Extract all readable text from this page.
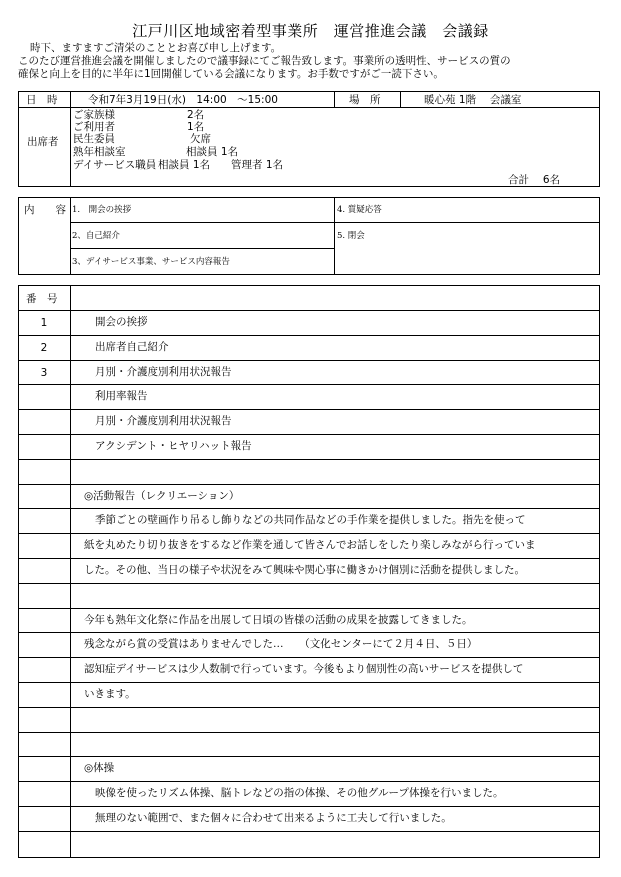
江戸川区地域密着型事業所　運営推進会議　会議録
時下、ますますご清栄のこととお喜び申し上げます。
このたび運営推進会議を開催しましたので議事録にてご報告致します。事業所の透明性、サービスの質の
確保と向上を目的に半年に1回開催している会議になります。お手数ですがご一読下さい。
日　時	令和7年3月19日(水)　14:00　～15:00	場　所	暖心苑 1階　 会議室
出席者
ご家族様	2名
ご利用者	1名
民生委員	欠席
熟年相談室	相談員 1名
デイサービス職員 相談員 1名　　管理者 1名
合計　 6名
内　　容 1.　開会の挨拶
2、自己紹介
3、デイサービス事業、サービス内容報告
4. 質疑応答
5. 閉会
番　号
1	開会の挨拶
2	出席者自己紹介
3	月別・介護度別利用状況報告
利用率報告
月別・介護度別利用状況報告
アクシデント・ヒヤリハット報告
◎活動報告（レクリエーション）
季節ごとの壁画作り吊るし飾りなどの共同作品などの手作業を提供しました。指先を使って
紙を丸めたり切り抜きをするなど作業を通して皆さんでお話しをしたり楽しみながら行っていま
した。その他、当日の様子や状況をみて興味や関心事に働きかけ個別に活動を提供しました。
今年も熟年文化祭に作品を出展して日頃の皆様の活動の成果を披露してきました。
残念ながら賞の受賞はありませんでした…　　（文化センターにて２月４日、５日）
認知症デイサービスは少人数制で行っています。今後もより個別性の高いサービスを提供して
いきます。
◎体操
映像を使ったリズム体操、脳トレなどの指の体操、その他グループ体操を行いました。
無理のない範囲で、また個々に合わせて出来るように工夫して行いました。
